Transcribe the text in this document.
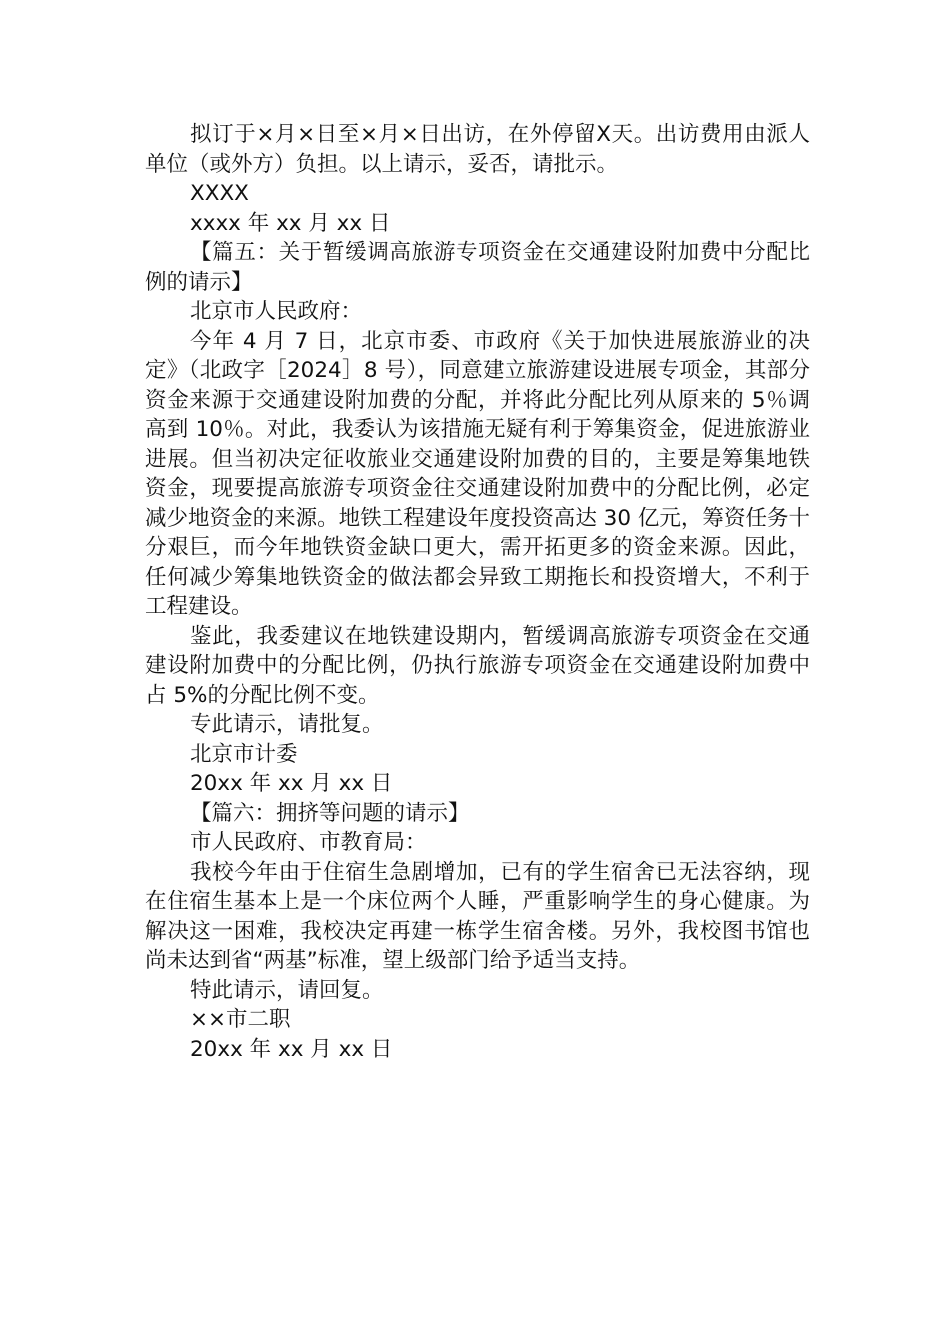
拟订于×月×日至×月×日出访，在外停留X天。出访费用由派人单位（或外方）负担。以上请示，妥否，请批示。

XXXX

xxxx 年 xx 月 xx 日

【篇五：关于暂缓调高旅游专项资金在交通建设附加费中分配比例的请示】

北京市人民政府：

今年 4 月 7 日，北京市委、市政府《关于加快进展旅游业的决定》（北政字［2024］8 号），同意建立旅游建设进展专项金，其部分资金来源于交通建设附加费的分配，并将此分配比列从原来的 5％调高到 10％。对此，我委认为该措施无疑有利于筹集资金，促进旅游业进展。但当初决定征收旅业交通建设附加费的目的，主要是筹集地铁资金，现要提高旅游专项资金往交通建设附加费中的分配比例，必定减少地资金的来源。地铁工程建设年度投资高达 30 亿元，筹资任务十分艰巨，而今年地铁资金缺口更大，需开拓更多的资金来源。因此，任何减少筹集地铁资金的做法都会异致工期拖长和投资增大，不利于工程建设。

鉴此，我委建议在地铁建设期内，暂缓调高旅游专项资金在交通建设附加费中的分配比例，仍执行旅游专项资金在交通建设附加费中占 5%的分配比例不变。

专此请示，请批复。

北京市计委

20xx 年 xx 月 xx 日

【篇六：拥挤等问题的请示】

市人民政府、市教育局：

我校今年由于住宿生急剧增加，已有的学生宿舍已无法容纳，现在住宿生基本上是一个床位两个人睡，严重影响学生的身心健康。为解决这一困难，我校决定再建一栋学生宿舍楼。另外，我校图书馆也尚未达到省“两基”标准，望上级部门给予适当支持。

特此请示，请回复。

××市二职

20xx 年 xx 月 xx 日
